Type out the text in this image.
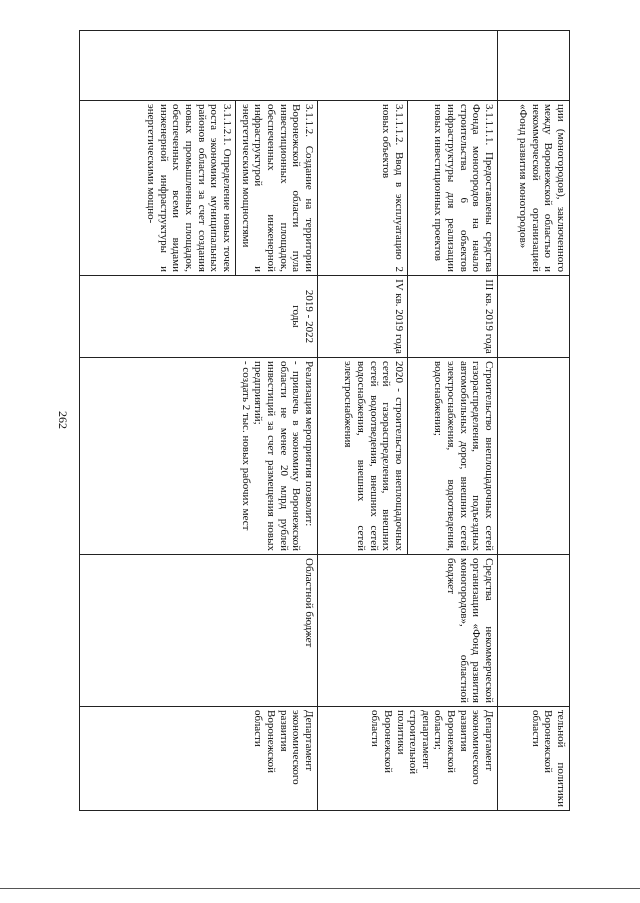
	ции (моногородов), заключенного между Воронежской областью и некоммерческой организацией «Фонд развития моногородов»				тельной политики Воронежской области
	3.1.1.1.1. Предоставлены средства Фонда моногородов на начало строительства 6 объектов инфраструктуры для реализации новых инвестиционных проектов	III кв. 2019 года	Строительство внеплощадочных сетей газораспределения, подъездных автомобильных дорог, внешних сетей электроснабжения, водоотведения, водоснабжения;	Средства некоммерческой организации «Фонд развития моногородов», областной бюджет	Департамент экономического развития Воронежской области; департамент строительной политики Воронежской области
	3.1.1.1.2. Ввод в эксплуатацию 2 новых объектов	IV кв. 2019 года	2020 - строительство внеплощадочных сетей газораспределения, внешних сетей водоотведения, внешних сетей водоснабжения, внешних сетей электроснабжения		
	3.1.1.2. Создание на территории Воронежской области пула инвестиционных площадок, обеспеченных инженерной инфраструктурой и энергетическими мощностями	2019 - 2022 годы	Реализация мероприятия позволит:
- привлечь в экономику Воронежской области не менее 20 млрд рублей инвестиций за счет размещения новых предприятий;
- создать 2 тыс. новых рабочих мест	Областной бюджет	Департамент экономического развития Воронежской области
	3.1.1.2.1. Определение новых точек роста экономики муниципальных районов области за счет создания новых промышленных площадок, обеспеченных всеми видами инженерной инфраструктуры и энергетическими мощно-				
262
